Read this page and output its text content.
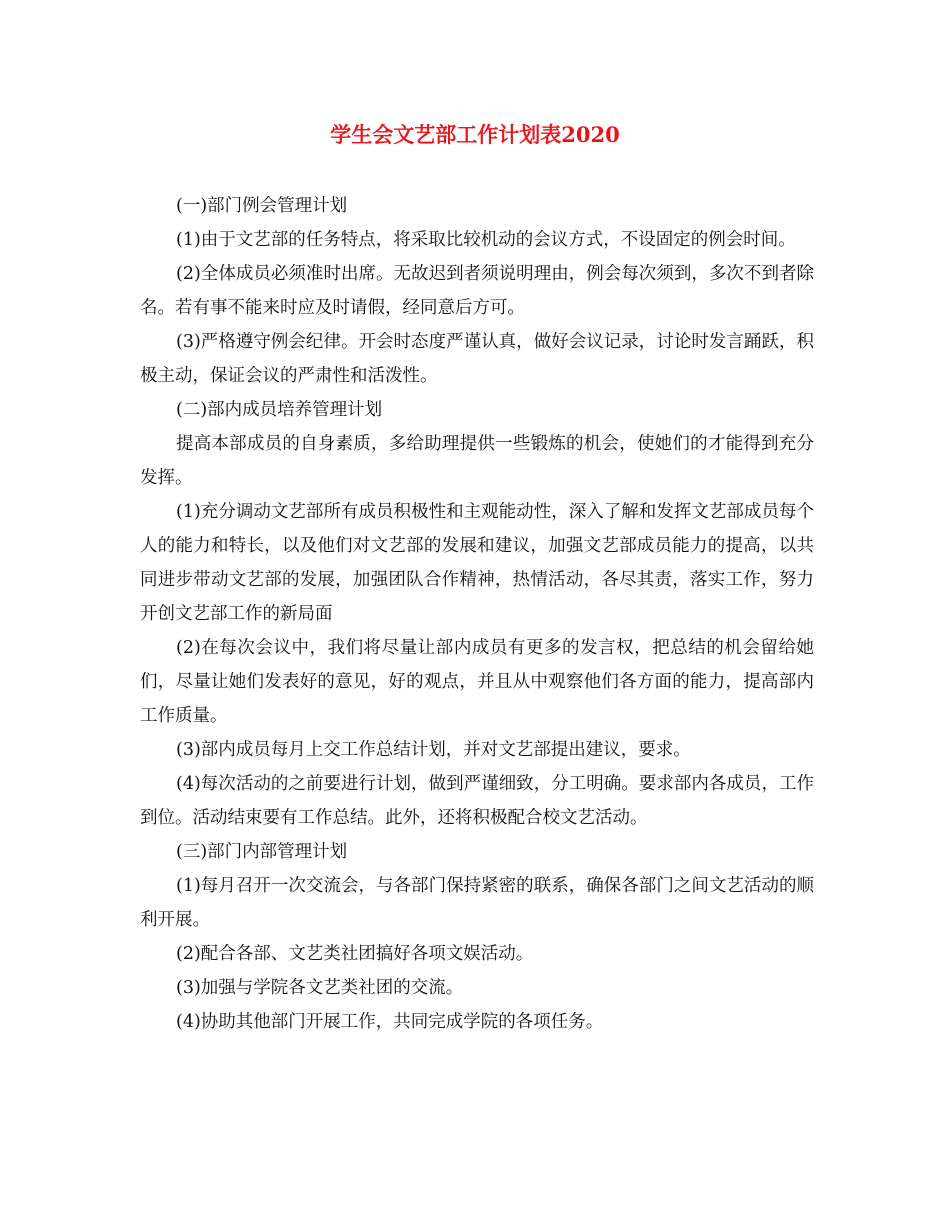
学生会文艺部工作计划表2020

(一)部门例会管理计划

(1)由于文艺部的任务特点，将采取比较机动的会议方式，不设固定的例会时间。

(2)全体成员必须准时出席。无故迟到者须说明理由，例会每次须到，多次不到者除名。若有事不能来时应及时请假，经同意后方可。

(3)严格遵守例会纪律。开会时态度严谨认真，做好会议记录，讨论时发言踊跃，积极主动，保证会议的严肃性和活泼性。

(二)部内成员培养管理计划

提高本部成员的自身素质，多给助理提供一些锻炼的机会，使她们的才能得到充分发挥。

(1)充分调动文艺部所有成员积极性和主观能动性，深入了解和发挥文艺部成员每个人的能力和特长，以及他们对文艺部的发展和建议，加强文艺部成员能力的提高，以共同进步带动文艺部的发展，加强团队合作精神，热情活动，各尽其责，落实工作，努力开创文艺部工作的新局面

(2)在每次会议中，我们将尽量让部内成员有更多的发言权，把总结的机会留给她们，尽量让她们发表好的意见，好的观点，并且从中观察他们各方面的能力，提高部内工作质量。

(3)部内成员每月上交工作总结计划，并对文艺部提出建议，要求。

(4)每次活动的之前要进行计划，做到严谨细致，分工明确。要求部内各成员，工作到位。活动结束要有工作总结。此外，还将积极配合校文艺活动。

(三)部门内部管理计划

(1)每月召开一次交流会，与各部门保持紧密的联系，确保各部门之间文艺活动的顺利开展。

(2)配合各部、文艺类社团搞好各项文娱活动。

(3)加强与学院各文艺类社团的交流。

(4)协助其他部门开展工作，共同完成学院的各项任务。
